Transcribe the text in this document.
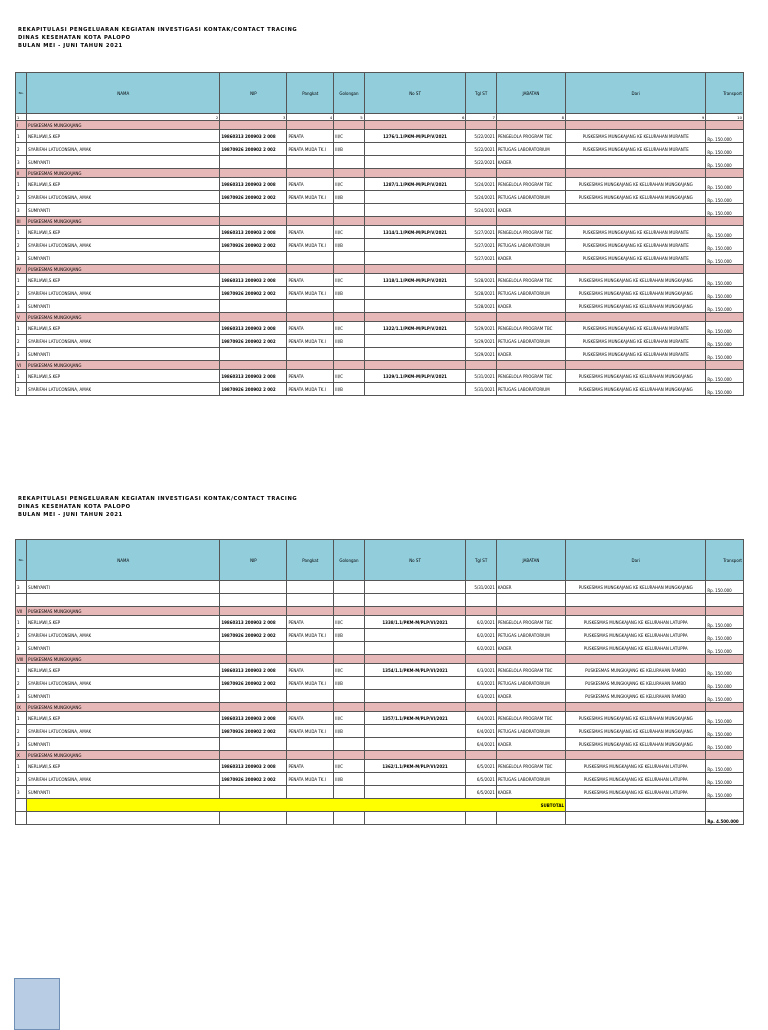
REKAPITULASI PENGELUARAN KEGIATAN INVESTIGASI KONTAK/CONTACT TRACING
DINAS KESEHATAN KOTA PALOPO
BULAN MEI - JUNI TAHUN 2021
No.	NAMA	NIP	Pangkat	Golongan	No ST	Tgl ST	JABATAN	Dari	Transport
1	2	3	4	5	6	7	8	9	10
I	PUSKESMAS MUNGKAJANG								
1	NERLIAWI,S.KEP	19860313 200903 2 008	PENATA	III/C	1276/1.1/PKM-M/PLP/V/2021	5/22/2021	PENGELOLA PROGRAM TBC	PUSKESMAS MUNGKAJANG KE KELURAHAN MURANTE	Rp. 150.000
2	SYARIFAH LATUCONSINA, AMAK	19870926 200902 2 002	PENATA MUDA TK.I	III/B		5/22/2021	PETUGAS LABORATORIUM	PUSKESMAS MUNGKAJANG KE KELURAHAN MURANTE	Rp. 150.000
3	SUMIYANTI					5/22/2021	KADER		Rp. 150.000
II	PUSKESMAS MUNGKAJANG								
1	NERLIAWI,S.KEP	19860313 200903 2 008	PENATA	III/C	1287/1.1/PKM-M/PLP/V/2021	5/24/2021	PENGELOLA PROGRAM TBC	PUSKESMAS MUNGKAJANG KE KELURAHAN MUNGKAJANG	Rp. 150.000
2	SYARIFAH LATUCONSINA, AMAK	19870926 200902 2 002	PENATA MUDA TK.I	III/B		5/24/2021	PETUGAS LABORATORIUM	PUSKESMAS MUNGKAJANG KE KELURAHAN MUNGKAJANG	Rp. 150.000
3	SUMIYANTI					5/24/2021	KADER		Rp. 150.000
III	PUSKESMAS MUNGKAJANG								
1	NERLIAWI,S.KEP	19860313 200903 2 008	PENATA	III/C	1314/1.1/PKM-M/PLP/V/2021	5/27/2021	PENGELOLA PROGRAM TBC	PUSKESMAS MUNGKAJANG KE KELURAHAN MURANTE	Rp. 150.000
2	SYARIFAH LATUCONSINA, AMAK	19870926 200902 2 002	PENATA MUDA TK.I	III/B		5/27/2021	PETUGAS LABORATORIUM	PUSKESMAS MUNGKAJANG KE KELURAHAN MURANTE	Rp. 150.000
3	SUMIYANTI					5/27/2021	KADER	PUSKESMAS MUNGKAJANG KE KELURAHAN MURANTE	Rp. 150.000
IV	PUSKESMAS MUNGKAJANG								
1	NERLIAWI,S.KEP	19860313 200903 2 008	PENATA	III/C	1318/1.1/PKM-M/PLP/V/2021	5/28/2021	PENGELOLA PROGRAM TBC	PUSKESMAS MUNGKAJANG KE KELURAHAN MUNGKAJANG	Rp. 150.000
2	SYARIFAH LATUCONSINA, AMAK	19870926 200902 2 002	PENATA MUDA TK.I	III/B		5/28/2021	PETUGAS LABORATORIUM	PUSKESMAS MUNGKAJANG KE KELURAHAN MUNGKAJANG	Rp. 150.000
3	SUMIYANTI					5/28/2021	KADER	PUSKESMAS MUNGKAJANG KE KELURAHAN MUNGKAJANG	Rp. 150.000
V	PUSKESMAS MUNGKAJANG								
1	NERLIAWI,S.KEP	19860313 200903 2 008	PENATA	III/C	1322/1.1/PKM-M/PLP/V/2021	5/29/2021	PENGELOLA PROGRAM TBC	PUSKESMAS MUNGKAJANG KE KELURAHAN MURANTE	Rp. 150.000
2	SYARIFAH LATUCONSINA, AMAK	19870926 200902 2 002	PENATA MUDA TK.I	III/B		5/29/2021	PETUGAS LABORATORIUM	PUSKESMAS MUNGKAJANG KE KELURAHAN MURANTE	Rp. 150.000
3	SUMIYANTI					5/29/2021	KADER	PUSKESMAS MUNGKAJANG KE KELURAHAN MURANTE	Rp. 150.000
VI	PUSKESMAS MUNGKAJANG								
1	NERLIAWI,S.KEP	19860313 200903 2 008	PENATA	III/C	1329/1.1/PKM-M/PLP/V/2021	5/31/2021	PENGELOLA PROGRAM TBC	PUSKESMAS MUNGKAJANG KE KELURAHAN MUNGKAJANG	Rp. 150.000
2	SYARIFAH LATUCONSINA, AMAK	19870926 200902 2 002	PENATA MUDA TK.I	III/B		5/31/2021	PETUGAS LABORATORIUM	PUSKESMAS MUNGKAJANG KE KELURAHAN MUNGKAJANG	Rp. 150.000
REKAPITULASI PENGELUARAN KEGIATAN INVESTIGASI KONTAK/CONTACT TRACING
DINAS KESEHATAN KOTA PALOPO
BULAN MEI - JUNI TAHUN 2021
No.	NAMA	NIP	Pangkat	Golongan	No ST	Tgl ST	JABATAN	Dari	Transport
3	SUMIYANTI					5/31/2021	KADER	PUSKESMAS MUNGKAJANG KE KELURAHAN MUNGKAJANG	Rp. 150.000

VII	PUSKESMAS MUNGKAJANG								
1	NERLIAWI,S.KEP	19860313 200903 2 008	PENATA	III/C	1338/1.1/PKM-M/PLP/VI/2021	6/2/2021	PENGELOLA PROGRAM TBC	PUSKESMAS MUNGKAJANG KE KELURAHAN LATUPPA	Rp. 150.000
2	SYARIFAH LATUCONSINA, AMAK	19870926 200902 2 002	PENATA MUDA TK.I	III/B		6/2/2021	PETUGAS LABORATORIUM	PUSKESMAS MUNGKAJANG KE KELURAHAN LATUPPA	Rp. 150.000
3	SUMIYANTI					6/2/2021	KADER	PUSKESMAS MUNGKAJANG KE KELURAHAN LATUPPA	Rp. 150.000
VIII	PUSKESMAS MUNGKAJANG								
1	NERLIAWI,S.KEP	19860313 200903 2 008	PENATA	III/C	1354/1.1/PKM-M/PLP/VI/2021	6/3/2021	PENGELOLA PROGRAM TBC	PUSKESMAS MUNGKAJANG KE KELURAHAN RAMBO	Rp. 150.000
2	SYARIFAH LATUCONSINA, AMAK	19870926 200902 2 002	PENATA MUDA TK.I	III/B		6/3/2021	PETUGAS LABORATORIUM	PUSKESMAS MUNGKAJANG KE KELURAHAN RAMBO	Rp. 150.000
3	SUMIYANTI					6/3/2021	KADER	PUSKESMAS MUNGKAJANG KE KELURAHAN RAMBO	Rp. 150.000
IX	PUSKESMAS MUNGKAJANG								
1	NERLIAWI,S.KEP	19860313 200903 2 008	PENATA	III/C	1357/1.1/PKM-M/PLP/VI/2021	6/4/2021	PENGELOLA PROGRAM TBC	PUSKESMAS MUNGKAJANG KE KELURAHAN MUNGKAJANG	Rp. 150.000
2	SYARIFAH LATUCONSINA, AMAK	19870926 200902 2 002	PENATA MUDA TK.I	III/B		6/4/2021	PETUGAS LABORATORIUM	PUSKESMAS MUNGKAJANG KE KELURAHAN MUNGKAJANG	Rp. 150.000
3	SUMIYANTI					6/4/2021	KADER	PUSKESMAS MUNGKAJANG KE KELURAHAN MUNGKAJANG	Rp. 150.000
X	PUSKESMAS MUNGKAJANG								
1	NERLIAWI,S.KEP	19860313 200903 2 008	PENATA	III/C	1362/1.1/PKM-M/PLP/VI/2021	6/5/2021	PENGELOLA PROGRAM TBC	PUSKESMAS MUNGKAJANG KE KELURAHAN LATUPPA	Rp. 150.000
2	SYARIFAH LATUCONSINA, AMAK	19870926 200902 2 002	PENATA MUDA TK.I	III/B		6/5/2021	PETUGAS LABORATORIUM	PUSKESMAS MUNGKAJANG KE KELURAHAN LATUPPA	Rp. 150.000
3	SUMIYANTI					6/5/2021	KADER	PUSKESMAS MUNGKAJANG KE KELURAHAN LATUPPA	Rp. 150.000
	SUBTOTAL								
									Rp. 4.500.000
